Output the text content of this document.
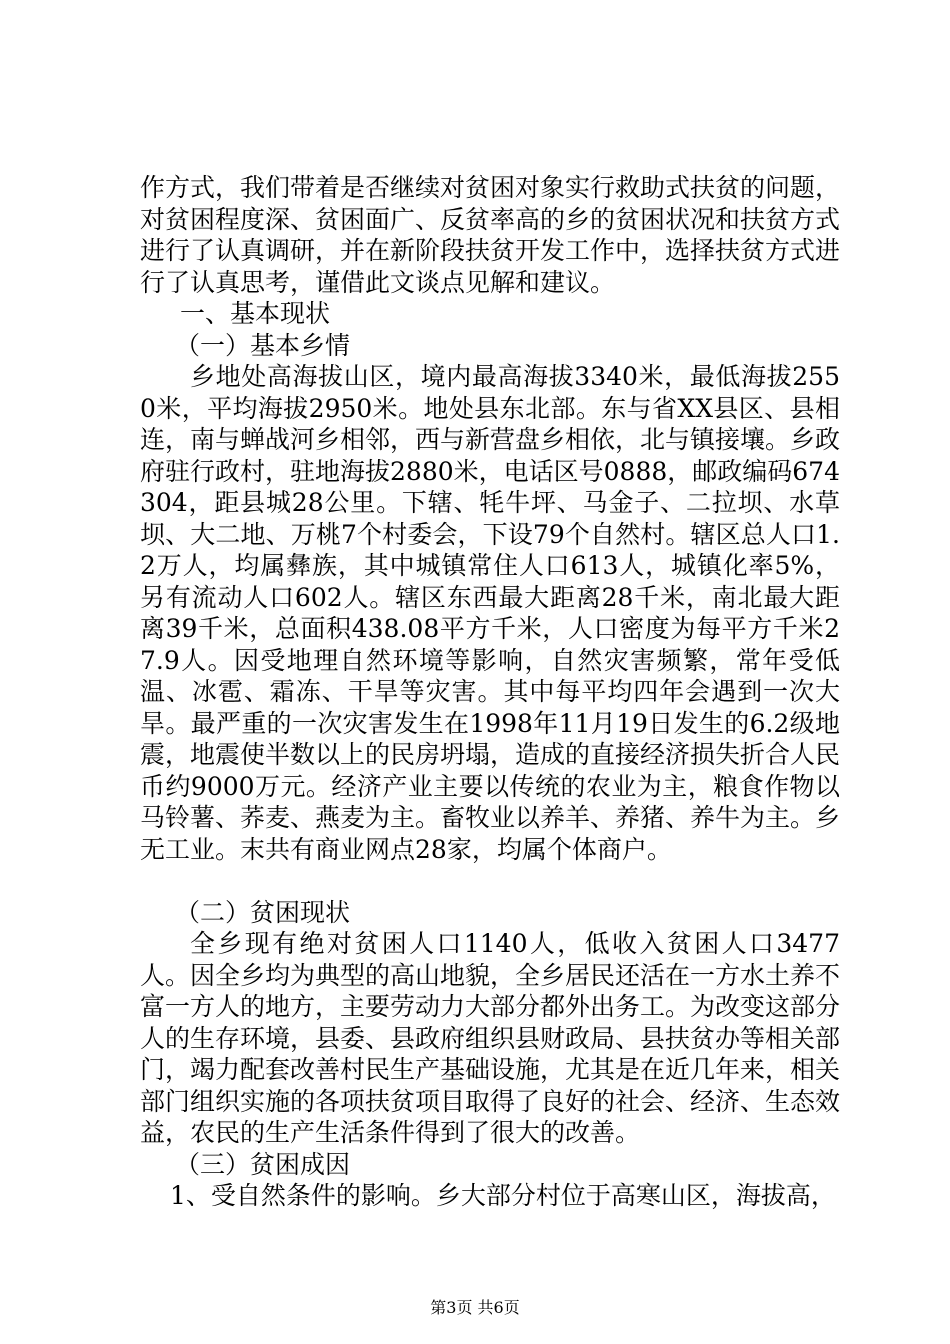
作方式，我们带着是否继续对贫困对象实行救助式扶贫的问题，对贫困程度深、贫困面广、反贫率高的乡的贫困状况和扶贫方式进行了认真调研，并在新阶段扶贫开发工作中，选择扶贫方式进行了认真思考，谨借此文谈点见解和建议。

一、基本现状

（一）基本乡情

乡地处高海拔山区，境内最高海拔3340米，最低海拔2550米，平均海拔2950米。地处县东北部。东与省XX县区、县相连，南与蝉战河乡相邻，西与新营盘乡相依，北与镇接壤。乡政府驻行政村，驻地海拔2880米，电话区号0888，邮政编码674304，距县城28公里。下辖、牦牛坪、马金子、二拉坝、水草坝、大二地、万桃7个村委会，下设79个自然村。辖区总人口1.2万人，均属彝族，其中城镇常住人口613人，城镇化率5%，另有流动人口602人。辖区东西最大距离28千米，南北最大距离39千米，总面积438.08平方千米，人口密度为每平方千米27.9人。因受地理自然环境等影响，自然灾害频繁，常年受低温、冰雹、霜冻、干旱等灾害。其中每平均四年会遇到一次大旱。最严重的一次灾害发生在1998年11月19日发生的6.2级地震，地震使半数以上的民房坍塌，造成的直接经济损失折合人民币约9000万元。经济产业主要以传统的农业为主，粮食作物以马铃薯、荞麦、燕麦为主。畜牧业以养羊、养猪、养牛为主。乡无工业。末共有商业网点28家，均属个体商户。

（二）贫困现状

全乡现有绝对贫困人口1140人，低收入贫困人口3477人。因全乡均为典型的高山地貌，全乡居民还活在一方水土养不富一方人的地方，主要劳动力大部分都外出务工。为改变这部分人的生存环境，县委、县政府组织县财政局、县扶贫办等相关部门，竭力配套改善村民生产基础设施，尤其是在近几年来，相关部门组织实施的各项扶贫项目取得了良好的社会、经济、生态效益，农民的生产生活条件得到了很大的改善。

（三）贫困成因

1、受自然条件的影响。乡大部分村位于高寒山区，海拔高，

第3页 共6页
